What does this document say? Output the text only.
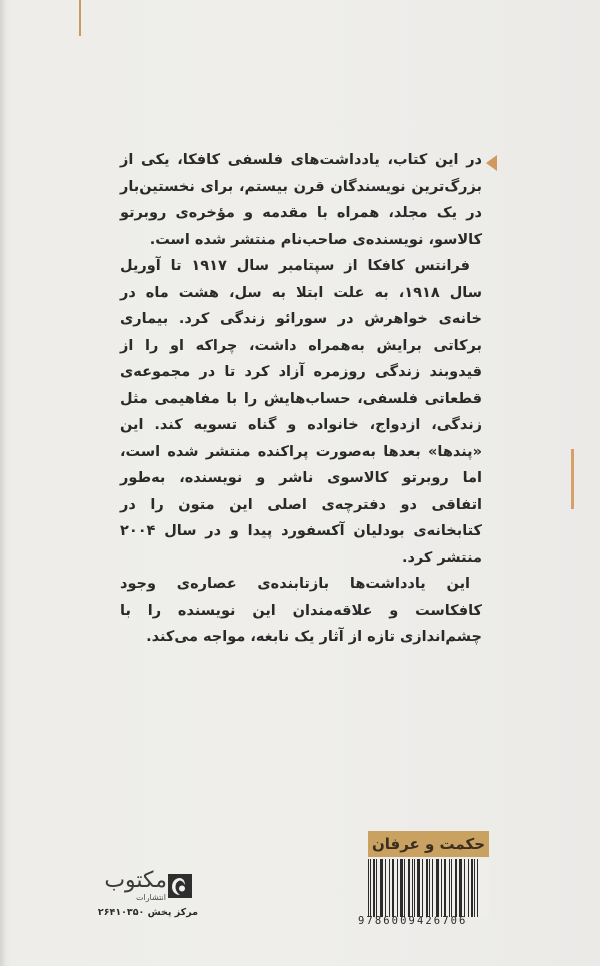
در این کتاب، یادداشت‌های فلسفی کافکا، یکی از بزرگ‌ترین نویسندگان قرن بیستم، برای نخستین‌بار در یک مجلد، همراه با مقدمه و مؤخره‌ی روبرتو کالاسو، نویسنده‌ی صاحب‌نام منتشر شده است.

فرانتس کافکا از سپتامبر سال ۱۹۱۷ تا آوریل سال ۱۹۱۸، به علت ابتلا به سل، هشت ماه در خانه‌ی خواهرش در سورائو زندگی کرد. بیماری برکاتی برایش به‌همراه داشت، چراکه او را از قیدوبند زندگی روزمره آزاد کرد تا در مجموعه‌ی قطعاتی فلسفی، حساب‌هایش را با مفاهیمی مثل زندگی، ازدواج، خانواده و گناه تسویه کند. این «پندها» بعدها به‌صورت پراکنده منتشر شده است، اما روبرتو کالاسوی ناشر و نویسنده، به‌طور اتفاقی دو دفترچه‌ی اصلی این متون را در کتابخانه‌ی بودلیان آکسفورد پیدا و در سال ۲۰۰۴ منتشر کرد.

این یادداشت‌ها بازتابنده‌ی عصاره‌ی وجود کافکاست و علاقه‌مندان این نویسنده را با چشم‌اندازی تازه از آثار یک نابغه، مواجه می‌کند.

حکمت و عرفان
9786009426706
مکتوب
انتشارات
مرکز پخش ۲۶۴۱۰۳۵۰
